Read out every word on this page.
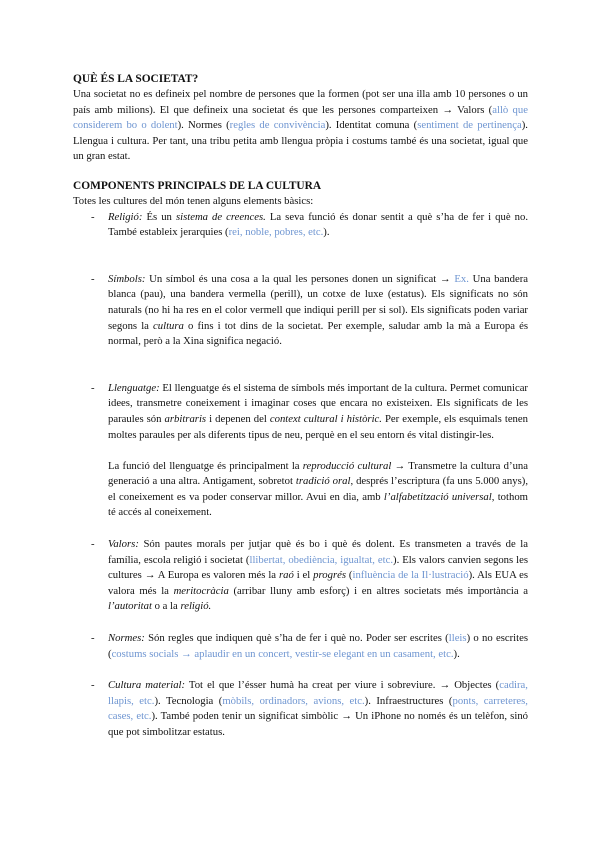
QUÈ ÉS LA SOCIETAT?

Una societat no es defineix pel nombre de persones que la formen (pot ser una illa amb 10 persones o un país amb milions). El que defineix una societat és que les persones comparteixen → Valors (allò que considerem bo o dolent). Normes (regles de convivència). Identitat comuna (sentiment de pertinença). Llengua i cultura. Per tant, una tribu petita amb llengua pròpia i costums també és una societat, igual que un gran estat.

COMPONENTS PRINCIPALS DE LA CULTURA

Totes les cultures del món tenen alguns elements bàsics:

- Religió: És un sistema de creences. La seva funció és donar sentit a què s’ha de fer i què no. També estableix jerarquies (rei, noble, pobres, etc.).
- Símbols: Un símbol és una cosa a la qual les persones donen un significat → Ex. Una bandera blanca (pau), una bandera vermella (perill), un cotxe de luxe (estatus). Els significats no són naturals (no hi ha res en el color vermell que indiqui perill per si sol). Els significats poden variar segons la cultura o fins i tot dins de la societat. Per exemple, saludar amb la mà a Europa és normal, però a la Xina significa negació.
- Llenguatge: El llenguatge és el sistema de símbols més important de la cultura. Permet comunicar idees, transmetre coneixement i imaginar coses que encara no existeixen. Els significats de les paraules són arbitraris i depenen del context cultural i històric. Per exemple, els esquimals tenen moltes paraules per als diferents tipus de neu, perquè en el seu entorn és vital distingir-les.
La funció del llenguatge és principalment la reproducció cultural → Transmetre la cultura d’una generació a una altra. Antigament, sobretot tradició oral, després l’escriptura (fa uns 5.000 anys), el coneixement es va poder conservar millor. Avui en dia, amb l’alfabetització universal, tothom té accés al coneixement.
- Valors: Són pautes morals per jutjar què és bo i què és dolent. Es transmeten a través de la família, escola religió i societat (llibertat, obediència, igualtat, etc.). Els valors canvien segons les cultures → A Europa es valoren més la raó i el progrés (influència de la Il·lustració). Als EUA es valora més la meritocràcia (arribar lluny amb esforç) i en altres societats més importància a l’autoritat o a la religió.
- Normes: Són regles que indiquen què s’ha de fer i què no. Poder ser escrites (lleis) o no escrites (costums socials → aplaudir en un concert, vestir-se elegant en un casament, etc.).
- Cultura material: Tot el que l’ésser humà ha creat per viure i sobreviure. → Objectes (cadira, llapis, etc.). Tecnologia (mòbils, ordinadors, avions, etc.). Infraestructures (ponts, carreteres, cases, etc.). També poden tenir un significat simbòlic → Un iPhone no només és un telèfon, sinó que pot simbolitzar estatus.
